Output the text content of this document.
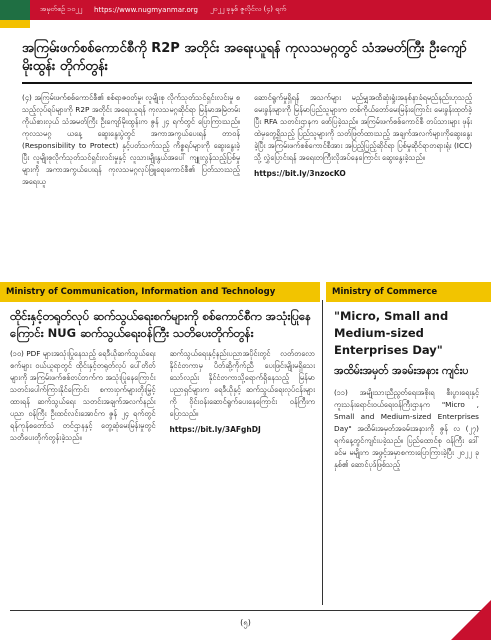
အမှတ်စဉ် ၁၀၂၂ https://www.nugmyanmar.org ၂၀၂၂ ခုနှစ် ဇူလိုင်လ (၄) ရက်
အကြမ်းဖက်စစ်ကောင်စီကို R2P အတိုင်း အရေးယူရန် ကုလသမဂ္ဂတွင် သံအမတ်ကြီး ဦးကျော်မိုးထွန်း တိုက်တွန်း
(၄) အကြမ်းဖက်စစ်ကောင်စီ၏ စစ်ရာဇဝတ်မှု၊ လူမျိုးစု လိုက်သုတ်သင်ရှင်းလင်းမှု စသည့်လုပ်ရပ်များကို R2P အတိုင်း အရေးယူရန် ကုလသမဂ္ဂဆိုင်ရာ မြန်မာအမြဲတမ်း ကိုယ်စားလှယ် သံအမတ်ကြီး ဦးကျော်မိုးထွန်းက ဇွန် ၂၄ ရက်တွင် ပြောကြားသည်။ ကုလသမဂ္ဂ ယနေ့ ဆွေးနွေးပွဲတွင် အကာအကွယ်ပေးရန် တာဝန် (Responsibility to Protect) နှင့်ပတ်သက်သည့် ကိစ္စရပ်များကို ဆွေးနွေးခဲ့ပြီး လူမျိုးစုလိုက်သုတ်သင်ရှင်းလင်းမှုနှင့် လူသားမျိုးနွယ်အပေါ် ကျူးလွန်သည့်ပြစ်မှုများကို အကာအကွယ်ပေးရန် ကုလသမဂ္ဂလုပ်ဖြူရေးကောင်စီ၏ ပြတ်သားသည့် အရေးယူ
ဆောင်ရွက်မှုရှိရန် အသက်များ မည်မျှအထိဆုံးရှုံးအနစ်နာခံရမည်နည်းဟုသည့် မေးခွန်းများကို မြန်မာပြည်သူများက တစ်ကိုယ်တော်မေးမြန်းကြောင်း မေးခွန်းထုတ်ခဲ့ပြီး RFA သတင်းဌာနက ဖော်ပြခဲ့သည်။ အကြမ်းဖက်စစ်ကောင်စီ တပ်သားများ ဖုန်းထဲမှတွေ့ရှိသည့် ပြည်သူများကို သတ်ဖြတ်ထားသည့် အချက်အလက်များကိုဆွေးနွေးခဲ့ပြီး အကြမ်းဖက်စစ်ကောင်စီအား အပြည့်ပြည့်ဆိုင်ရာ ပြစ်မှုဆိုင်ရာတရားရုံး (ICC) သို့ လွှဲပြောင်းရန် အရေးတကြီးလိုအပ်နေကြောင်း ဆွေးနွေးခဲ့သည်။
https://bit.ly/3nzocKO
Ministry of Communication, Information and Technology	Ministry of Commerce
ထိုင်းနှင့်တရုတ်လုပ် ဆက်သွယ်ရေးစက်များကို စစ်ကောင်စီက အသုံးပြုနေကြောင်း NUG ဆက်သွယ်ရေးဝန်ကြီး သတိပေးတိုက်တွန်း
(၁၀) PDF များအသုံးပြုနေသည့် ရေဒီယိုဆက်သွယ်ရေးစက်များ ဝယ်ယူရာတွင် ထိုင်းနှင့်တရုတ်လုပ် ပေါ်တိတ်များကို အကြမ်းဖက်စစ်တပ်ဘက်က အသုံးပြုနေကြောင်း သတင်းပေါက်ကြားနိုင်ကြောင်း စကားဝှက်များတိုးမြှင့်ထားရန် ဆက်သွယ်ရေး သတင်းအချက်အလက်နည်းပညာ ဝန်ကြီး ဦးထင်လင်းအောင်က ဇွန် ၂၄ ရက်တွင် ရန်ကုန်စတော်သံ တင်ဌာနနှင့် တွေ့ဆုံမေးမြန်းမှုတွင် သတိပေးတိုက်တွန်းခဲ့သည်။
ဆက်သွယ်ရေးနှင့်နည်းပညာအပိုင်းတွင် လတ်တလော နိုင်ငံတကာမှ ပိတ်ဆို့ကိုက်ညီ ပေးဖြင်းမျိုးမရှိသေးသော်လည်း နိုင်ငံတကာသို့ရောက်ရှိနေသည့် မြန်မာပညာရှင်များက ရေဒီယိုနှင့် ဆက်သွယ်ရေးလုပ်ငန်းများကို ဝိုင်းဝန်းဆောင်ရွက်ပေးနေကြောင်း ဝန်ကြီးကပြောသည်။
https://bit.ly/3AFghDJ
"Micro, Small and Medium-sized Enterprises Day"
အထိမ်းအမှတ် အခမ်းအနား ကျင်းပ
(၁၁) အမျိုးသားညီညွတ်ရေးအစိုးရ စီးပွားရေးနှင့်ကူးသန်းရောင်းဝယ်ရေးဝန်ကြီးဌာနက "Micro , Small and Medium-sized Enterprises Day" အထိမ်းအမှတ်အခမ်းအနားကို ဇွန် လ (၂၇) ရက်နေ့တွင်ကျင်းပခဲ့သည်။ ပြည်ထောင်စု ဝန်ကြီး ဒေါ်ခင်မ မမျိုးက အဖွင့်အမှာစကားပြောကြားခဲ့ပြီး ၂၀၂၂ ခုနှစ်၏ ဆောင်ပုဒ်ဖြစ်သည့်
(၅)
